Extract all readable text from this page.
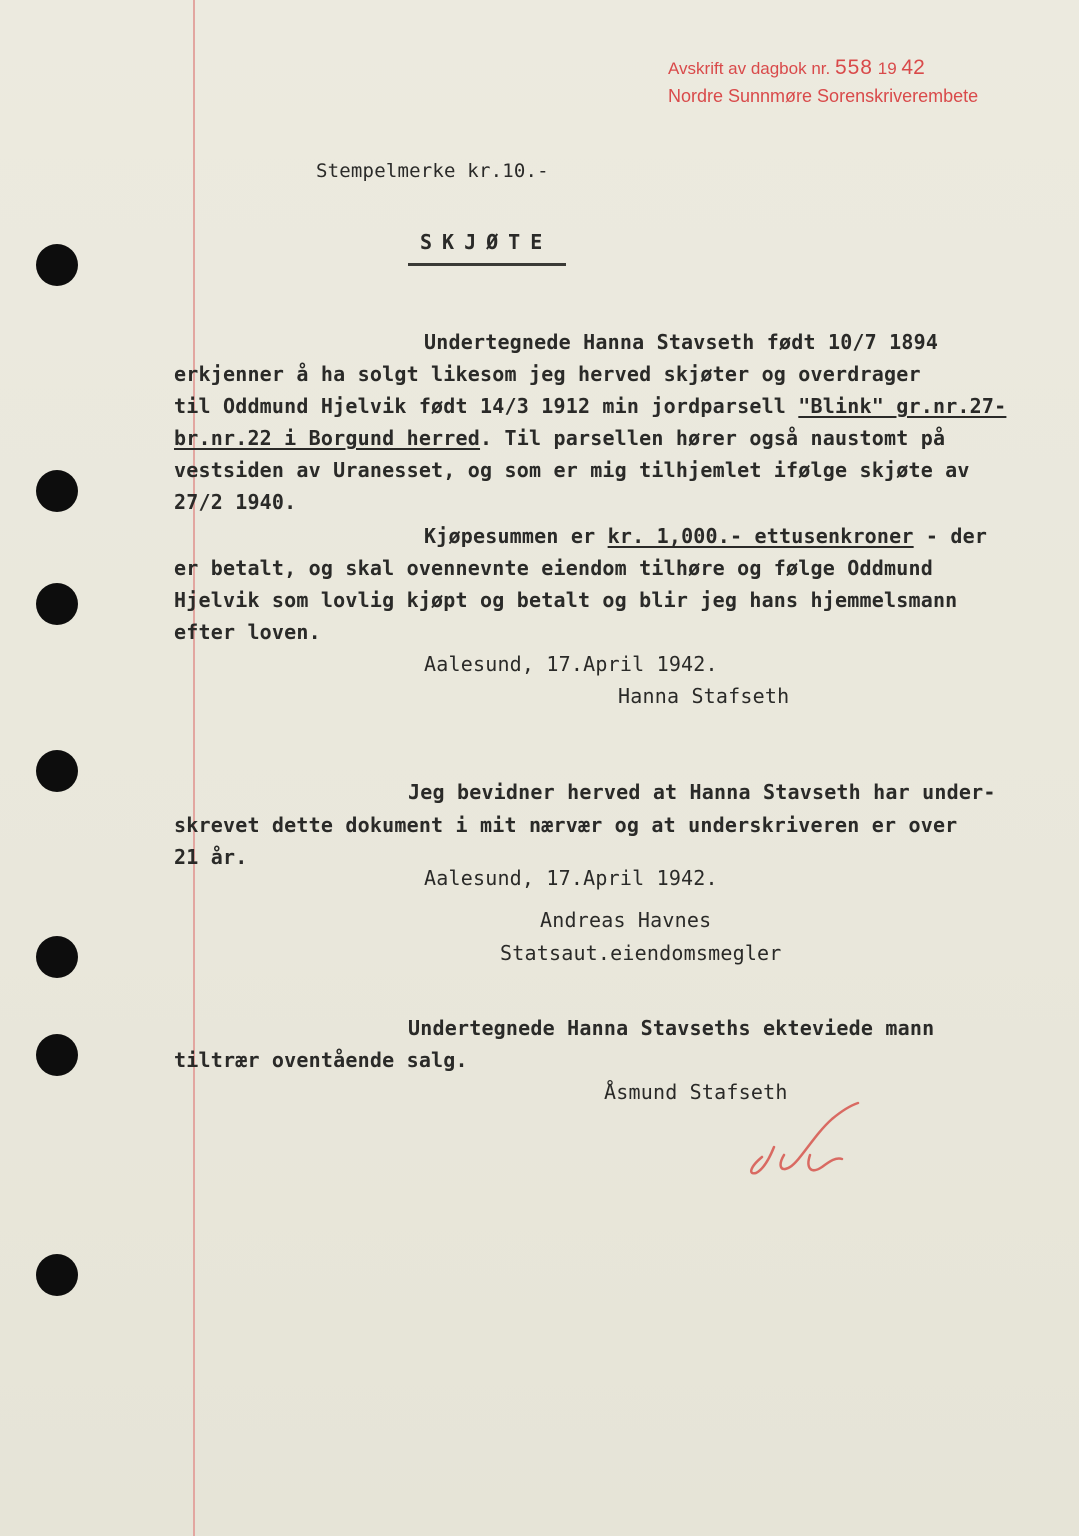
Avskrift av dagbok nr. 558 19 42
Nordre Sunnmøre Sorenskriverembete
Stempelmerke kr.10.-
SKJØTE
Undertegnede Hanna Stavseth født 10/7 1894
erkjenner å ha solgt likesom jeg herved skjøter og overdrager
til Oddmund Hjelvik født 14/3 1912 min jordparsell "Blink" gr.nr.27-
br.nr.22 i Borgund herred. Til parsellen hører også naustomt på
vestsiden av Uranesset, og som er mig tilhjemlet ifølge skjøte av
27/2 1940.
Kjøpesummen er kr. 1,000.- ettusenkroner - der
er betalt, og skal ovennevnte eiendom tilhøre og følge Oddmund
Hjelvik som lovlig kjøpt og betalt og blir jeg hans hjemmelsmann
efter loven.
Aalesund, 17.April 1942.
Hanna Stafseth
Jeg bevidner herved at Hanna Stavseth har under-
skrevet dette dokument i mit nærvær og at underskriveren er over
21 år.
Aalesund, 17.April 1942.
Andreas Havnes
Statsaut.eiendomsmegler
Undertegnede Hanna Stavseths ekteviede mann
tiltrær oventående salg.
Åsmund Stafseth
